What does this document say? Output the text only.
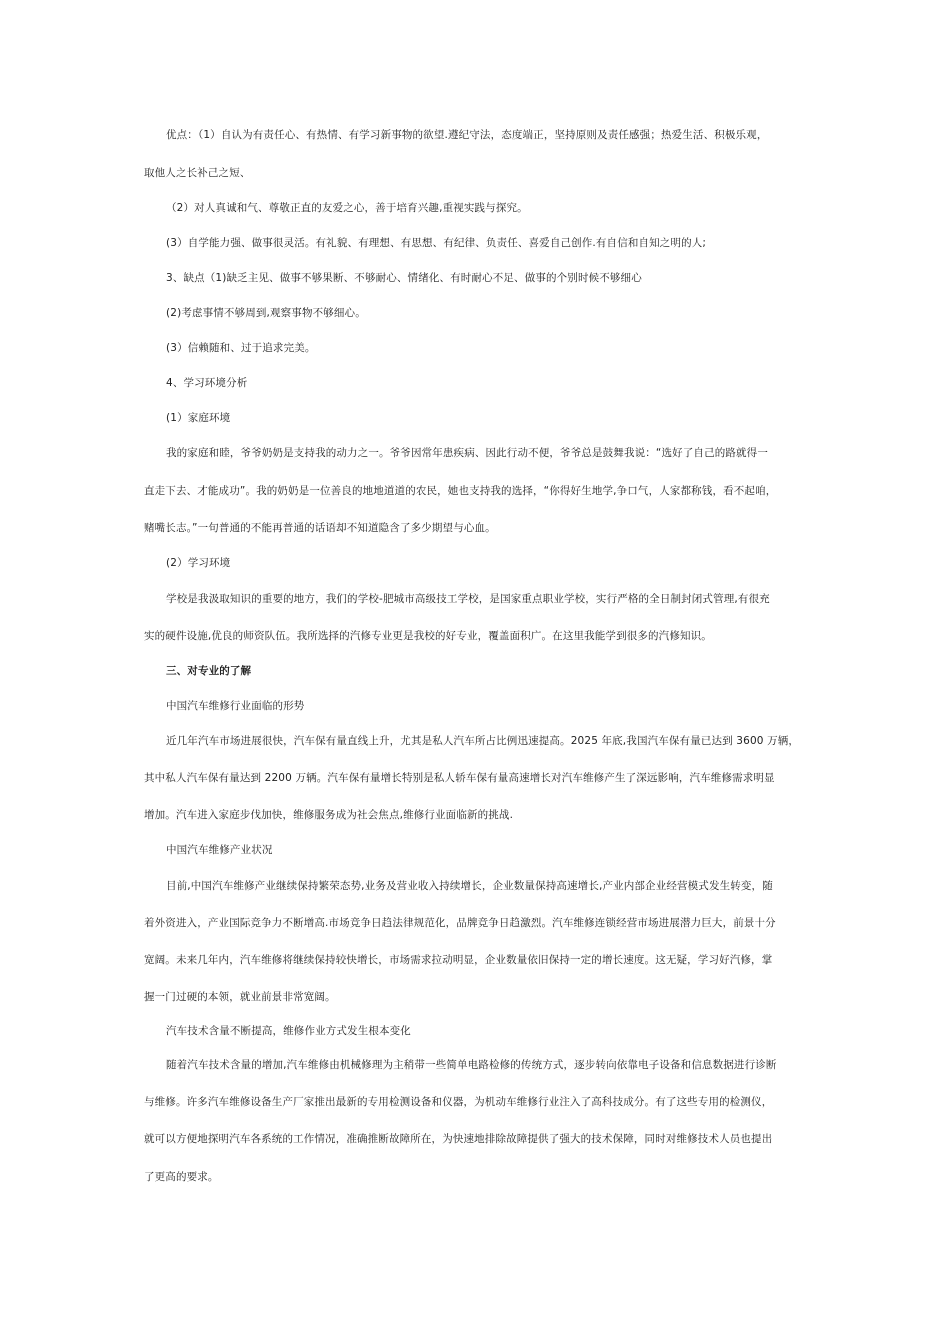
优点：（1）自认为有责任心、有热情、有学习新事物的欲望.遵纪守法，态度端正，坚持原则及责任感强；热爱生活、积极乐观，
取他人之长补己之短、
（2）对人真诚和气、尊敬正直的友爱之心，善于培育兴趣,重视实践与探究。
(3）自学能力强、做事很灵活。有礼貌、有理想、有思想、有纪律、负责任、喜爱自己创作.有自信和自知之明的人;
3、缺点（1)缺乏主见、做事不够果断、不够耐心、情绪化、有时耐心不足、做事的个别时候不够细心
(2)考虑事情不够周到,观察事物不够细心。
(3）信赖随和、过于追求完美。
4、学习环境分析
(1）家庭环境
我的家庭和睦，爷爷奶奶是支持我的动力之一。爷爷因常年患疾病、因此行动不便，爷爷总是鼓舞我说：“选好了自己的路就得一
直走下去、才能成功”。我的奶奶是一位善良的地地道道的农民，她也支持我的选择，“你得好生地学,争口气，人家都称钱，看不起咱，
赌嘴长志。”一句普通的不能再普通的话语却不知道隐含了多少期望与心血。
(2）学习环境
学校是我汲取知识的重要的地方，我们的学校-肥城市高级技工学校，是国家重点职业学校，实行严格的全日制封闭式管理,有很充
实的硬件设施,优良的师资队伍。我所选择的汽修专业更是我校的好专业，覆盖面积广。在这里我能学到很多的汽修知识。
三、对专业的了解
中国汽车维修行业面临的形势
近几年汽车市场进展很快，汽车保有量直线上升，尤其是私人汽车所占比例迅速提高。2025 年底,我国汽车保有量已达到 3600 万辆，
其中私人汽车保有量达到 2200 万辆。汽车保有量增长特别是私人轿车保有量高速增长对汽车维修产生了深远影响，汽车维修需求明显
增加。汽车进入家庭步伐加快，维修服务成为社会焦点,维修行业面临新的挑战.
中国汽车维修产业状况
目前,中国汽车维修产业继续保持繁荣态势,业务及营业收入持续增长，企业数量保持高速增长,产业内部企业经营模式发生转变，随
着外资进入，产业国际竞争力不断增高.市场竞争日趋法律规范化，品牌竞争日趋激烈。汽车维修连锁经营市场进展潜力巨大，前景十分
宽阔。未来几年内，汽车维修将继续保持较快增长，市场需求拉动明显，企业数量依旧保持一定的增长速度。这无疑，学习好汽修，掌
握一门过硬的本领，就业前景非常宽阔。
汽车技术含量不断提高，维修作业方式发生根本变化
随着汽车技术含量的增加,汽车维修由机械修理为主稍带一些简单电路检修的传统方式，逐步转向依靠电子设备和信息数据进行诊断
与维修。许多汽车维修设备生产厂家推出最新的专用检测设备和仪器，为机动车维修行业注入了高科技成分。有了这些专用的检测仪，
就可以方便地探明汽车各系统的工作情况，准确推断故障所在，为快速地排除故障提供了强大的技术保障，同时对维修技术人员也提出
了更高的要求。
